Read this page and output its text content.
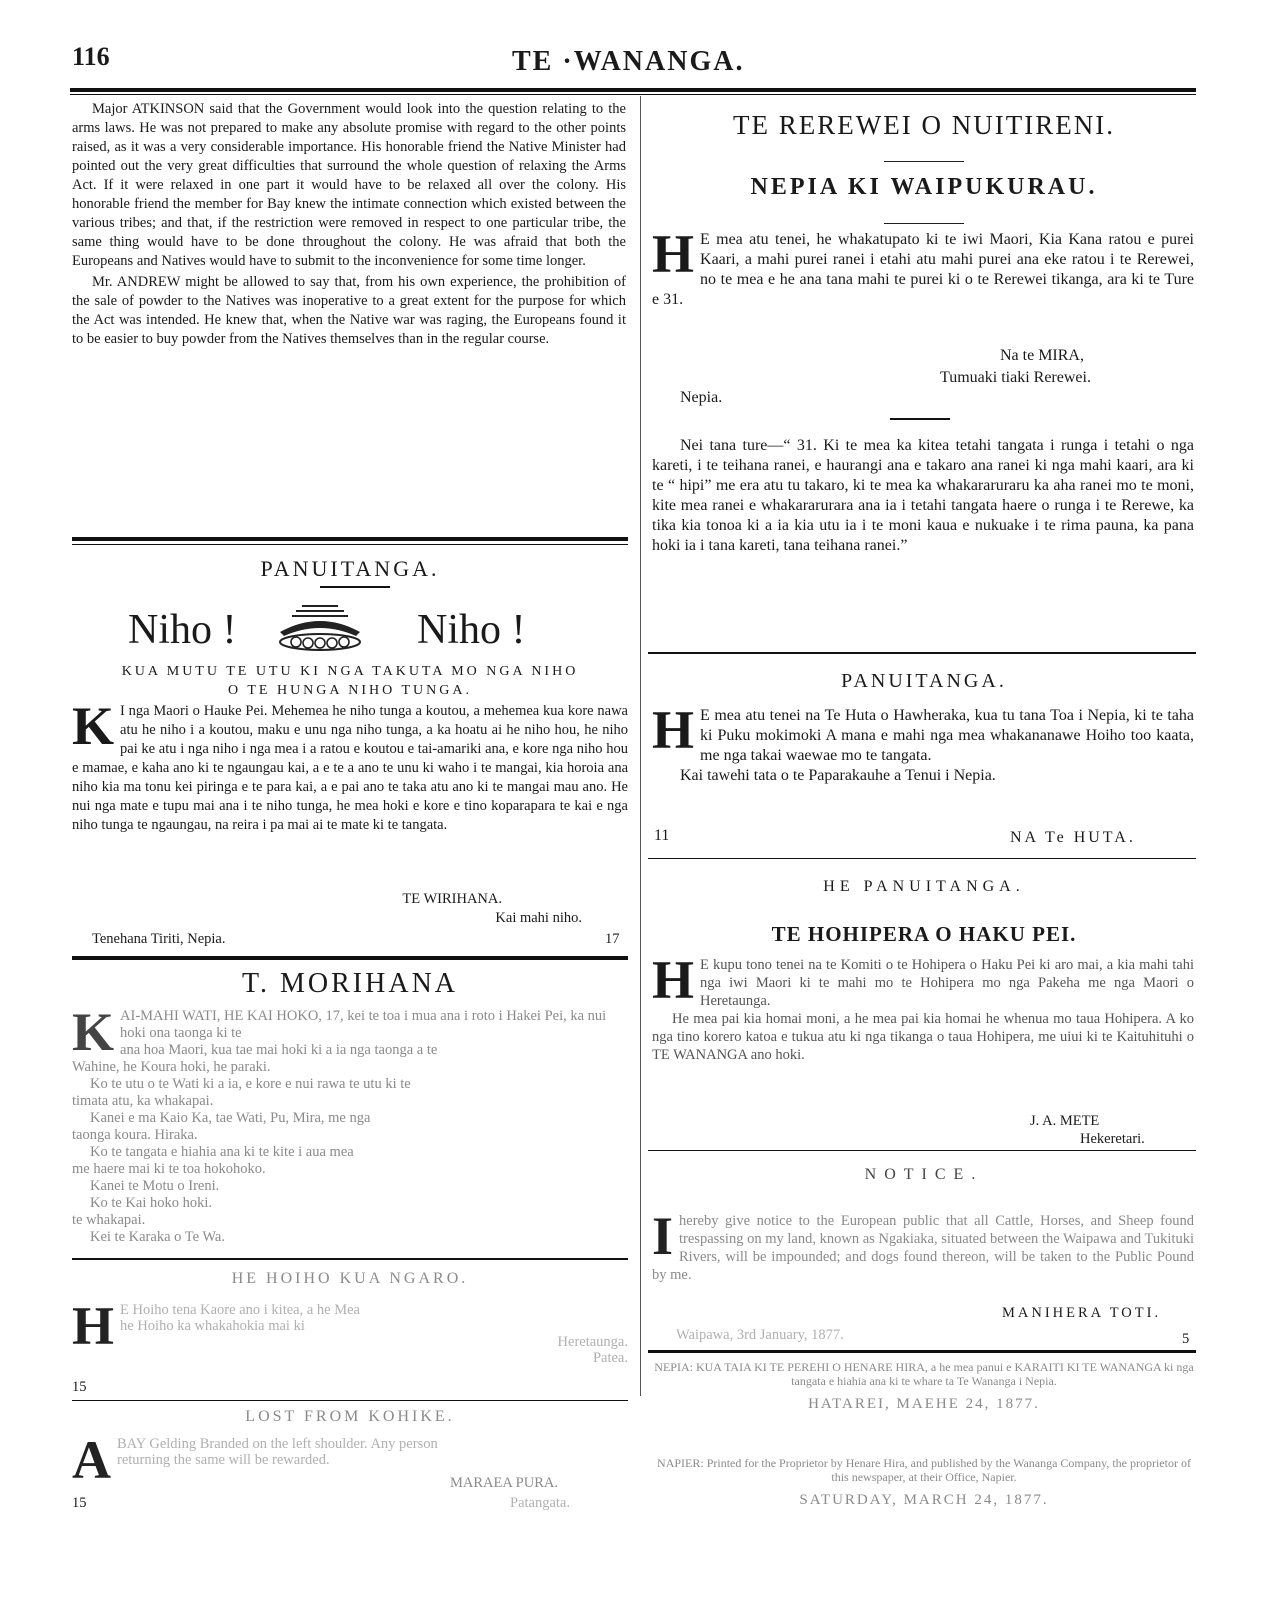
116	TE ·WANANGA.

Major ATKINSON said that the Government would look into the question relating to the arms laws. He was not prepared to make any absolute promise with regard to the other points raised, as it was a very considerable importance. His honorable friend the Native Minister had pointed out the very great difficulties that surround the whole question of relaxing the Arms Act. If it were relaxed in one part it would have to be relaxed all over the colony. His honorable friend the member for Bay knew the intimate connection which existed between the various tribes; and that, if the restriction were removed in respect to one particular tribe, the same thing would have to be done throughout the colony. He was afraid that both the Europeans and Natives would have to submit to the inconvenience for some time longer.

Mr. ANDREW might be allowed to say that, from his own experience, the prohibition of the sale of powder to the Natives was inoperative to a great extent for the purpose for which the Act was intended. He knew that, when the Native war was raging, the Europeans found it to be easier to buy powder from the Natives themselves than in the regular course.

PANUITANGA.
Niho !	Niho !
KUA MUTU TE UTU KI NGA TAKUTA MO NGA NIHO
O TE HUNGA NIHO TUNGA.
K I nga Maori o Hauke Pei. Mehemea he niho tunga a koutou, a mehemea kua kore nawa atu he niho i a koutou, maku e unu nga niho tunga, a ka hoatu ai he niho hou, he niho pai ke atu i nga niho i nga mea i a ratou e koutou e tai-amariki ana, e kore nga niho hou e mamae, e kaha ano ki te ngaungau kai, a e te a ano te unu ki waho i te mangai, kia horoia ana niho kia ma tonu kei piringa e te para kai, a e pai ano te taka atu ano ki te mangai mau ano. He nui nga mate e tupu mai ana i te niho tunga, he mea hoki e kore e tino koparapara te kai e nga niho tunga te ngaungau, na reira i pa mai ai te mate ki te tangata.
TE WIRIHANA.
Kai mahi niho.
Tenehana Tiriti, Nepia.	17
T. MORIHANA
K AI-MAHI WATI, HE KAI HOKO, 17, kei te toa i mua ana i roto i Hakei Pei, ka nui hoki ona taonga ki te
ana hoa Maori, kua tae mai hoki ki a ia nga taonga a te
Wahine, he Koura hoki, he paraki.
Ko te utu o te Wati ki a ia, e kore e nui rawa te utu ki te
timata atu, ka whakapai.
Kanei e ma Kaio Ka, tae Wati, Pu, Mira, me nga
taonga koura. Hiraka.
Ko te tangata e hiahia ana ki te kite i aua mea
me haere mai ki te toa hokohoko.
Kanei te Motu o Ireni.
Ko te Kai hoko hoki.
te whakapai.
Kei te Karaka o Te Wa.
HE HOIHO KUA NGARO.
H E Hoiho tena Kaore ano i kitea, a he Mea
he Hoiho ka whakahokia mai ki
Heretaunga.
Patea.
15
LOST FROM KOHIKE.
A BAY Gelding Branded on the left shoulder. Any person
returning the same will be rewarded.
MARAEA PURA.
Patangata.
15
TE REREWEI O NUITIRENI.
NEPIA KI WAIPUKURAU.
H E mea atu tenei, he whakatupato ki te iwi Maori, Kia Kana ratou e purei Kaari, a mahi purei ranei i etahi atu mahi purei ana eke ratou i te Rerewei, no te mea e he ana tana mahi te purei ki o te Rerewei tikanga, ara ki te Ture e 31.
Na te MIRA,
Tumuaki tiaki Rerewei.
Nepia.
Nei tana ture—“ 31. Ki te mea ka kitea tetahi tangata i runga i tetahi o nga kareti, i te teihana ranei, e haurangi ana e takaro ana ranei ki nga mahi kaari, ara ki te “ hipi” me era atu tu takaro, ki te mea ka whakararuraru ka aha ranei mo te moni, kite mea ranei e whakararurara ana ia i tetahi tangata haere o runga i te Rerewe, ka tika kia tonoa ki a ia kia utu ia i te moni kaua e nukuake i te rima pauna, ka pana hoki ia i tana kareti, tana teihana ranei.”
PANUITANGA.
H E mea atu tenei na Te Huta o Hawheraka, kua tu tana Toa i Nepia, ki te taha ki Puku mokimoki A mana e mahi nga mea whakananawe Hoiho too kaata, me nga takai waewae mo te tangata.
Kai tawehi tata o te Paparakauhe a Tenui i Nepia.
11	NA Te HUTA.
HE PANUITANGA.
TE HOHIPERA O HAKU PEI.
H E kupu tono tenei na te Komiti o te Hohipera o Haku Pei ki aro mai, a kia mahi tahi nga iwi Maori ki te mahi mo te Hohipera mo nga Pakeha me nga Maori o Heretaunga.
He mea pai kia homai moni, a he mea pai kia homai he whenua mo taua Hohipera. A ko nga tino korero katoa e tukua atu ki nga tikanga o taua Hohipera, me uiui ki te Kaituhituhi o TE WANANGA ano hoki.
J. A. METE
Hekeretari.
NOTICE.
I hereby give notice to the European public that all Cattle, Horses, and Sheep found trespassing on my land, known as Ngakiaka, situated between the Waipawa and Tukituki Rivers, will be impounded; and dogs found thereon, will be taken to the Public Pound by me.
MANIHERA TOTI.
Waipawa, 3rd January, 1877.	5
NEPIA: KUA TAIA KI TE PEREHI O HENARE HIRA, a he mea panui e KARAITI KI TE WANANGA ki nga tangata e hiahia ana ki te whare ta Te Wananga i Nepia.
HATAREI, MAEHE 24, 1877.
NAPIER: Printed for the Proprietor by Henare Hira, and published by the Wananga Company, the proprietor of this newspaper, at their Office, Napier.
SATURDAY, MARCH 24, 1877.
